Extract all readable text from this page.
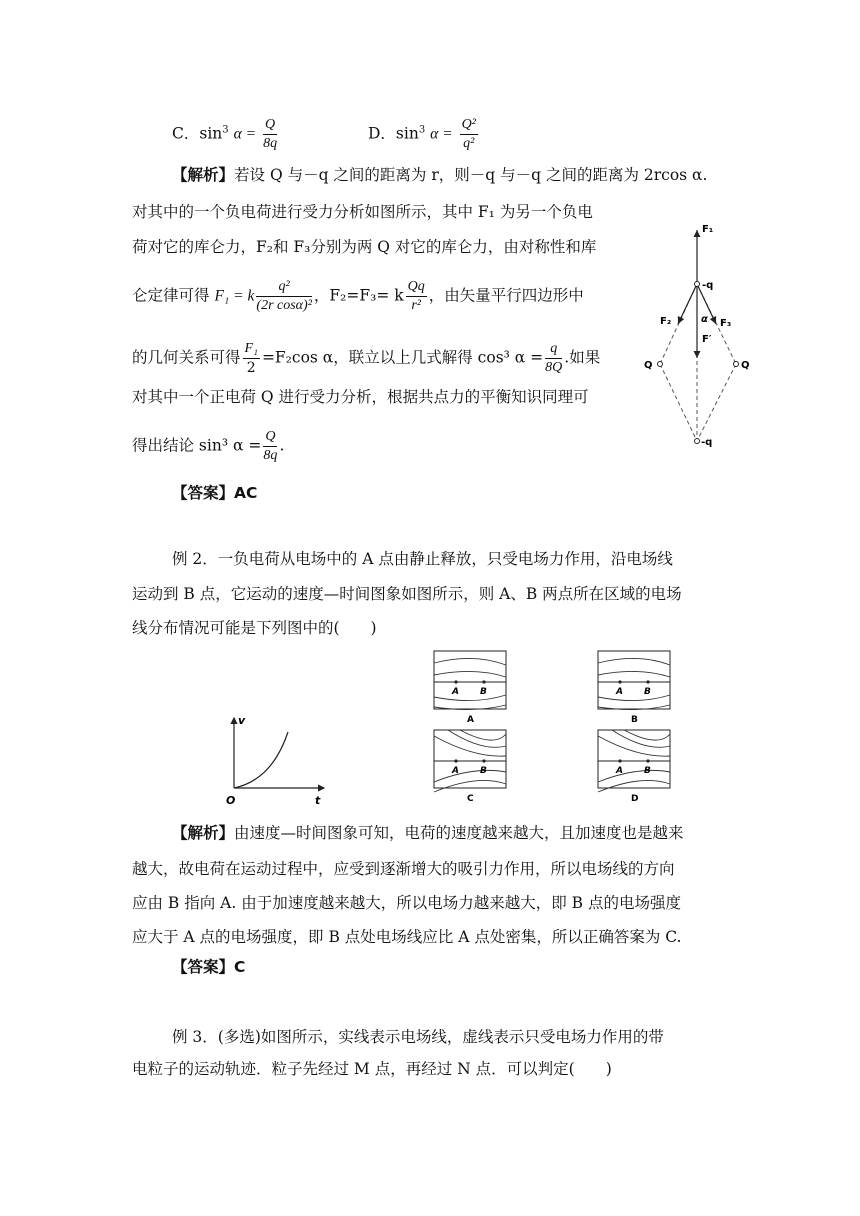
C．$\sin^3 \alpha = \frac{Q}{8q}$	D．$\sin^3 \alpha = \frac{\text{Q²}}{\text{q²}}$
【解析】若设 Q 与－q 之间的距离为 r，则－q 与－q 之间的距离为 2rcos α.
对其中的一个负电荷进行受力分析如图所示，其中 F₁ 为另一个负电
荷对它的库仑力，F₂和 F₃分别为两 Q 对它的库仑力，由对称性和库
仑定律可得 F₁ = k $\frac{\text{q²}}{\text{(2r cosα)²}}$ ，F₂=F₃= k $\frac{Qq}{\text{r²}}$ ，由矢量平行四边形中
的几何关系可得 $\frac{\text{F₁}}{2} =F_2\cos$ α，联立以上几式解得 cos³ $\alpha = \frac{q}{8Q}$ .如果
对其中一个正电荷 Q 进行受力分析，根据共点力的平衡知识同理可
得出结论 sin³ $\alpha = \frac{Q}{8q}$ .
【答案】AC
F₁
-q
F₂	α F₃
F′
Q	Q
-q
例 2．一负电荷从电场中的 A 点由静止释放，只受电场力作用，沿电场线
运动到 B 点，它运动的速度—时间图象如图所示，则 A、B 两点所在区域的电场
线分布情况可能是下列图中的(　　)
v
t
O
A B
A
A B
B
A B
C
A B
D
【解析】由速度—时间图象可知，电荷的速度越来越大，且加速度也是越来
越大，故电荷在运动过程中，应受到逐渐增大的吸引力作用，所以电场线的方向
应由 B 指向 A. 由于加速度越来越大，所以电场力越来越大，即 B 点的电场强度
应大于 A 点的电场强度，即 B 点处电场线应比 A 点处密集，所以正确答案为 C.
【答案】C
例 3．(多选)如图所示，实线表示电场线，虚线表示只受电场力作用的带
电粒子的运动轨迹．粒子先经过 M 点，再经过 N 点．可以判定(　　)
